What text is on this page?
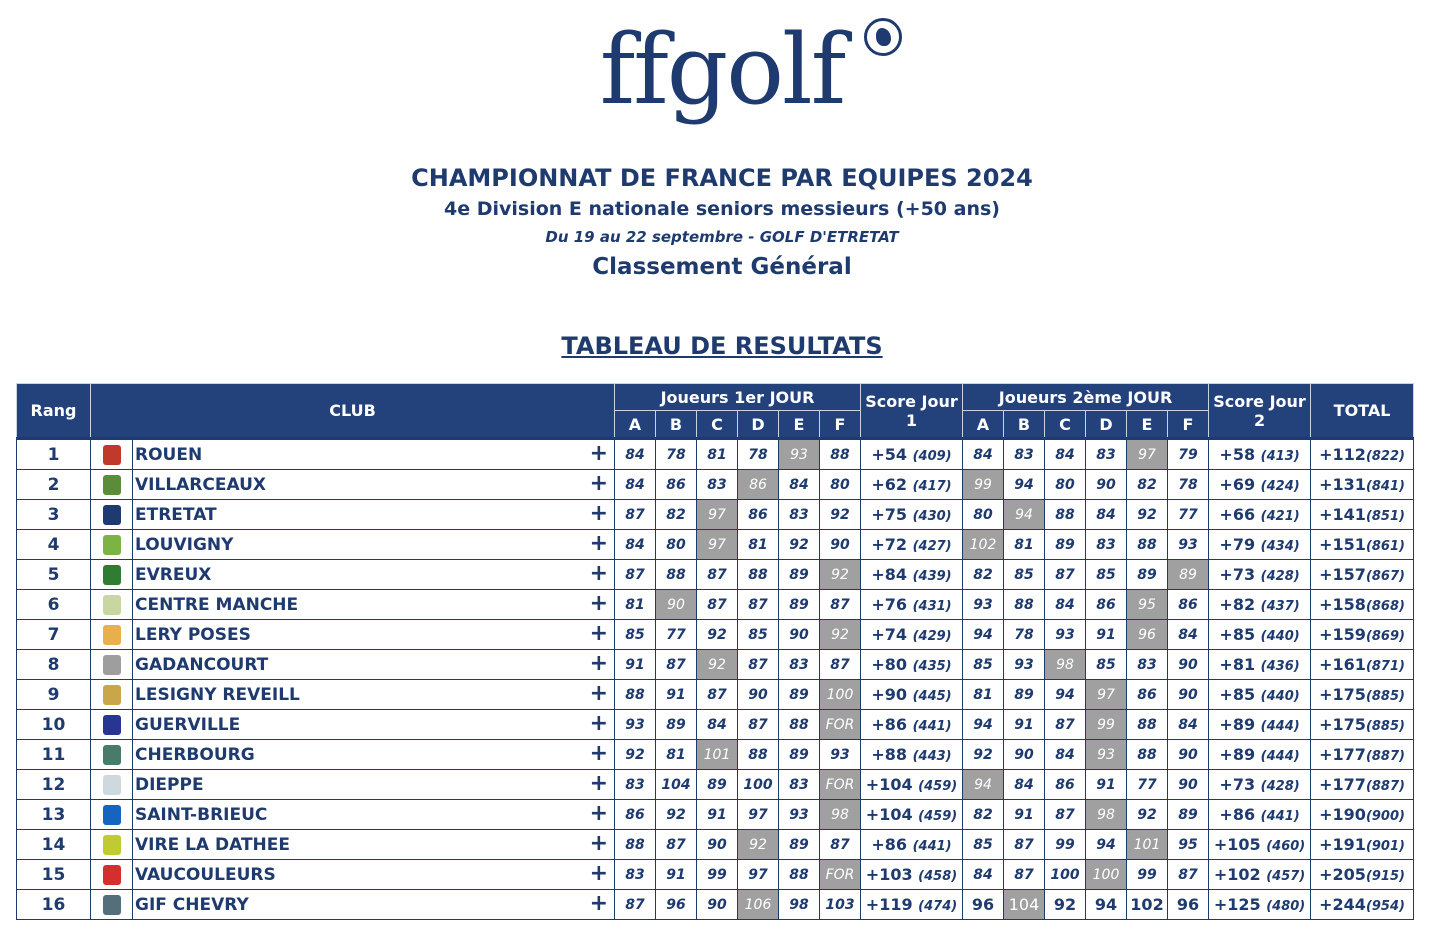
ffgolf
CHAMPIONNAT DE FRANCE PAR EQUIPES 2024
4e Division E nationale seniors messieurs (+50 ans)
Du 19 au 22 septembre - GOLF D'ETRETAT
Classement Général
TABLEAU DE RESULTATS
Rang	CLUB		Joueurs 1er JOUR						Score Jour 1	Joueurs 2ème JOUR						Score Jour 2	TOTAL
			A	B	C	D	E	F		A	B	C	D	E	F		
1		ROUEN +	84	78	81	78	93	88	+54 (409)	84	83	84	83	97	79	+58 (413)	+112(822)
2		VILLARCEAUX +	84	86	83	86	84	80	+62 (417)	99	94	80	90	82	78	+69 (424)	+131(841)
3		ETRETAT +	87	82	97	86	83	92	+75 (430)	80	94	88	84	92	77	+66 (421)	+141(851)
4		LOUVIGNY +	84	80	97	81	92	90	+72 (427)	102	81	89	83	88	93	+79 (434)	+151(861)
5		EVREUX +	87	88	87	88	89	92	+84 (439)	82	85	87	85	89	89	+73 (428)	+157(867)
6		CENTRE MANCHE +	81	90	87	87	89	87	+76 (431)	93	88	84	86	95	86	+82 (437)	+158(868)
7		LERY POSES +	85	77	92	85	90	92	+74 (429)	94	78	93	91	96	84	+85 (440)	+159(869)
8		GADANCOURT +	91	87	92	87	83	87	+80 (435)	85	93	98	85	83	90	+81 (436)	+161(871)
9		LESIGNY REVEILL +	88	91	87	90	89	100	+90 (445)	81	89	94	97	86	90	+85 (440)	+175(885)
10		GUERVILLE +	93	89	84	87	88	FOR	+86 (441)	94	91	87	99	88	84	+89 (444)	+175(885)
11		CHERBOURG +	92	81	101	88	89	93	+88 (443)	92	90	84	93	88	90	+89 (444)	+177(887)
12		DIEPPE +	83	104	89	100	83	FOR	+104 (459)	94	84	86	91	77	90	+73 (428)	+177(887)
13		SAINT-BRIEUC +	86	92	91	97	93	98	+104 (459)	82	91	87	98	92	89	+86 (441)	+190(900)
14		VIRE LA DATHEE +	88	87	90	92	89	87	+86 (441)	85	87	99	94	101	95	+105 (460)	+191(901)
15		VAUCOULEURS +	83	91	99	97	88	FOR	+103 (458)	84	87	100	100	99	87	+102 (457)	+205(915)
16		GIF CHEVRY +	87	96	90	106	98	103	+119 (474)	96	104	92	94	102	96	+125 (480)	+244(954)
